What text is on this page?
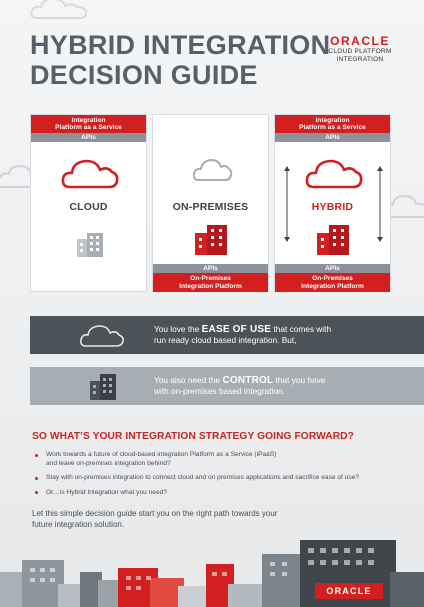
HYBRID INTEGRATION
DECISION GUIDE
ORACLE
CLOUD PLATFORM
INTEGRATION
Integration
Platform as a Service
APIs
CLOUD	ON-PREMISES
APIs
On-Premises
Integration Platform
Integration
Platform as a Service
APIs
HYBRID
APIs
On-Premises
Integration Platform
You love the EASE OF USE that comes with
run ready cloud based integration. But,
You also need the CONTROL that you have
with on-premises based integration.
SO WHAT’S YOUR INTEGRATION STRATEGY GOING FORWARD?
Work towards a future of cloud-based integration Platform as a Service (iPaaS)
and leave on-premises integration behind?
Stay with on-premises integration to connect cloud and on premises applications and sacrifice ease of use?
Or…is Hybrid Integration what you need?
Let this simple decision guide start you on the right path towards your
future integration solution.
ORACLE
